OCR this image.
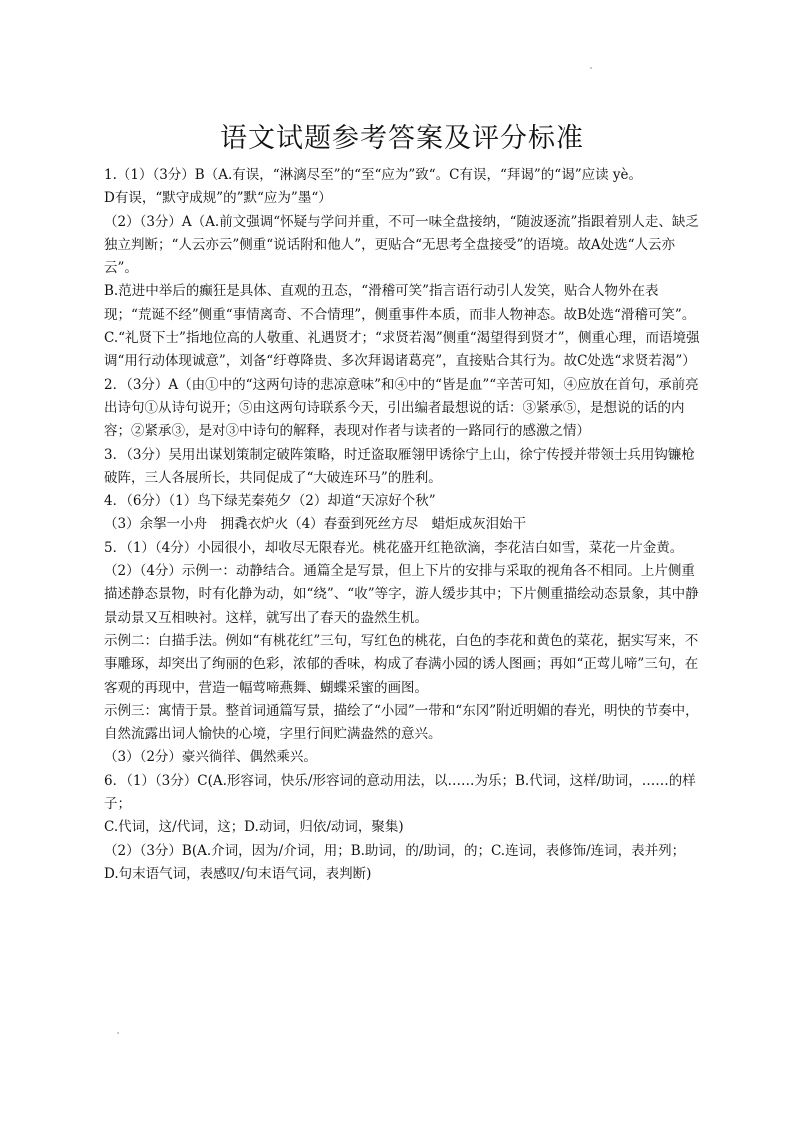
语文试题参考答案及评分标准

1.（1）（3分）B（A.有误，“淋漓尽至”的“至“应为”致“。C有误，“拜谒”的“谒”应读 yè。

D有误，“默守成规”的”默“应为”墨“）

（2）（3分）A（A.前文强调“怀疑与学问并重，不可一味全盘接纳，“随波逐流”指跟着别人走、缺乏独立判断；“人云亦云”侧重“说话附和他人”，更贴合“无思考全盘接受”的语境。故A处选“人云亦云”。

B.范进中举后的癫狂是具体、直观的丑态，“滑稽可笑”指言语行动引人发笑，贴合人物外在表现；“荒诞不经”侧重“事情离奇、不合情理”，侧重事件本质，而非人物神态。故B处选“滑稽可笑”。

C.“礼贤下士”指地位高的人敬重、礼遇贤才；“求贤若渴”侧重“渴望得到贤才”，侧重心理，而语境强调“用行动体现诚意”，刘备“纡尊降贵、多次拜谒诸葛亮”，直接贴合其行为。故C处选“求贤若渴”）

2．（3分）A（由①中的“这两句诗的悲凉意味”和④中的“皆是血”“辛苦可知，④应放在首句，承前亮出诗句①从诗句说开；⑤由这两句诗联系今天，引出编者最想说的话：③紧承⑤，是想说的话的内容；②紧承③，是对③中诗句的解释，表现对作者与读者的一路同行的感激之情）

3．（3分）吴用出谋划策制定破阵策略，时迁盗取雁翎甲诱徐宁上山，徐宁传授并带领士兵用钩镰枪破阵，三人各展所长，共同促成了“大破连环马”的胜利。

4．（6分）（1）鸟下绿芜秦苑夕（2）却道“天凉好个秋”

（3）余挐一小舟　拥毳衣炉火（4）春蚕到死丝方尽　蜡炬成灰泪始干

5．（1）（4分）小园很小，却收尽无限春光。桃花盛开红艳欲滴，李花洁白如雪，菜花一片金黄。

（2）（4分）示例一：动静结合。通篇全是写景，但上下片的安排与采取的视角各不相同。上片侧重描述静态景物，时有化静为动，如“绕”、“收”等字，游人缓步其中；下片侧重描绘动态景象，其中静景动景又互相映衬。这样，就写出了春天的盎然生机。

示例二：白描手法。例如“有桃花红”三句，写红色的桃花，白色的李花和黄色的菜花，据实写来，不事雕琢，却突出了绚丽的色彩，浓郁的香味，构成了春满小园的诱人图画；再如“正莺儿啼”三句，在客观的再现中，营造一幅莺啼燕舞、蝴蝶采蜜的画图。

示例三：寓情于景。整首词通篇写景，描绘了“小园”一带和“东冈”附近明媚的春光，明快的节奏中，自然流露出词人愉快的心境，字里行间贮满盎然的意兴。

（3）（2分）豪兴徜徉、偶然乘兴。

6．（1）（3分）C(A.形容词，快乐/形容词的意动用法，以……为乐；B.代词，这样/助词，……的样子；

C.代词，这/代词，这；D.动词，归依/动词，聚集)

（2）（3分）B(A.介词，因为/介词，用；B.助词，的/助词，的；C.连词，表修饰/连词，表并列；

D.句末语气词，表感叹/句末语气词，表判断)
